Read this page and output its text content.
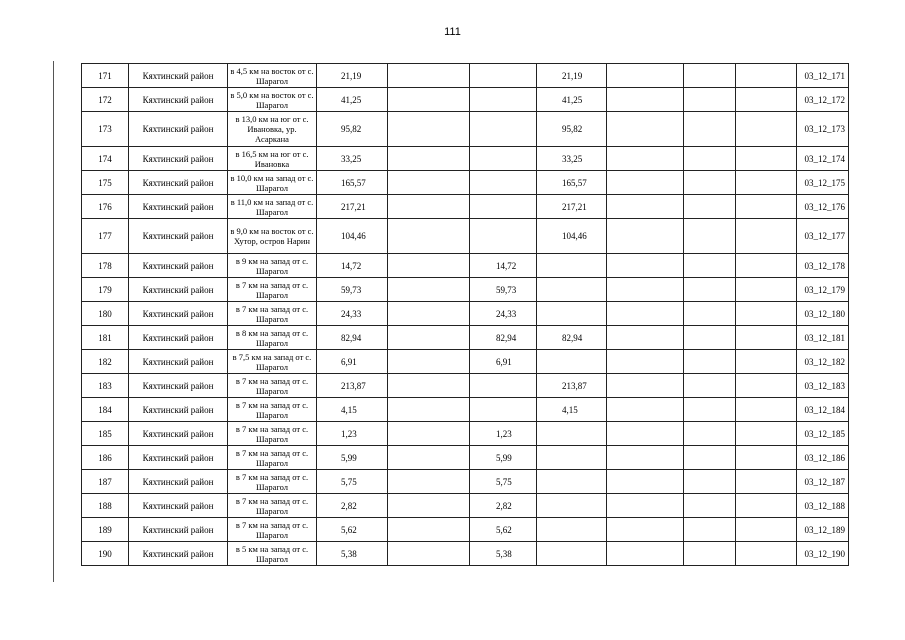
111
171	Кяхтинский район	в 4,5 км на восток от с. Шарагол	21,19			21,19				03_12_171
172	Кяхтинский район	в 5,0 км на восток от с. Шарагол	41,25			41,25				03_12_172
173	Кяхтинский район	в 13,0 км на юг от с. Ивановка, ур. Асаркана	95,82			95,82				03_12_173
174	Кяхтинский район	в 16,5 км на юг от с. Ивановка	33,25			33,25				03_12_174
175	Кяхтинский район	в 10,0 км на запад от с. Шарагол	165,57			165,57				03_12_175
176	Кяхтинский район	в 11,0 км на запад от с. Шарагол	217,21			217,21				03_12_176
177	Кяхтинский район	в 9,0 км на восток от с. Хутор, остров Нарин	104,46			104,46				03_12_177
178	Кяхтинский район	в 9 км на запад от с. Шарагол	14,72		14,72					03_12_178
179	Кяхтинский район	в 7 км на запад от с. Шарагол	59,73		59,73					03_12_179
180	Кяхтинский район	в 7 км на запад от с. Шарагол	24,33		24,33					03_12_180
181	Кяхтинский район	в 8 км на запад от с. Шарагол	82,94		82,94	82,94				03_12_181
182	Кяхтинский район	в 7,5 км на запад от с. Шарагол	6,91		6,91					03_12_182
183	Кяхтинский район	в 7 км на запад от с. Шарагол	213,87			213,87				03_12_183
184	Кяхтинский район	в 7 км на запад от с. Шарагол	4,15			4,15				03_12_184
185	Кяхтинский район	в 7 км на запад от с. Шарагол	1,23		1,23					03_12_185
186	Кяхтинский район	в 7 км на запад от с. Шарагол	5,99		5,99					03_12_186
187	Кяхтинский район	в 7 км на запад от с. Шарагол	5,75		5,75					03_12_187
188	Кяхтинский район	в 7 км на запад от с. Шарагол	2,82		2,82					03_12_188
189	Кяхтинский район	в 7 км на запад от с. Шарагол	5,62		5,62					03_12_189
190	Кяхтинский район	в 5 км на запад от с. Шарагол	5,38		5,38					03_12_190
